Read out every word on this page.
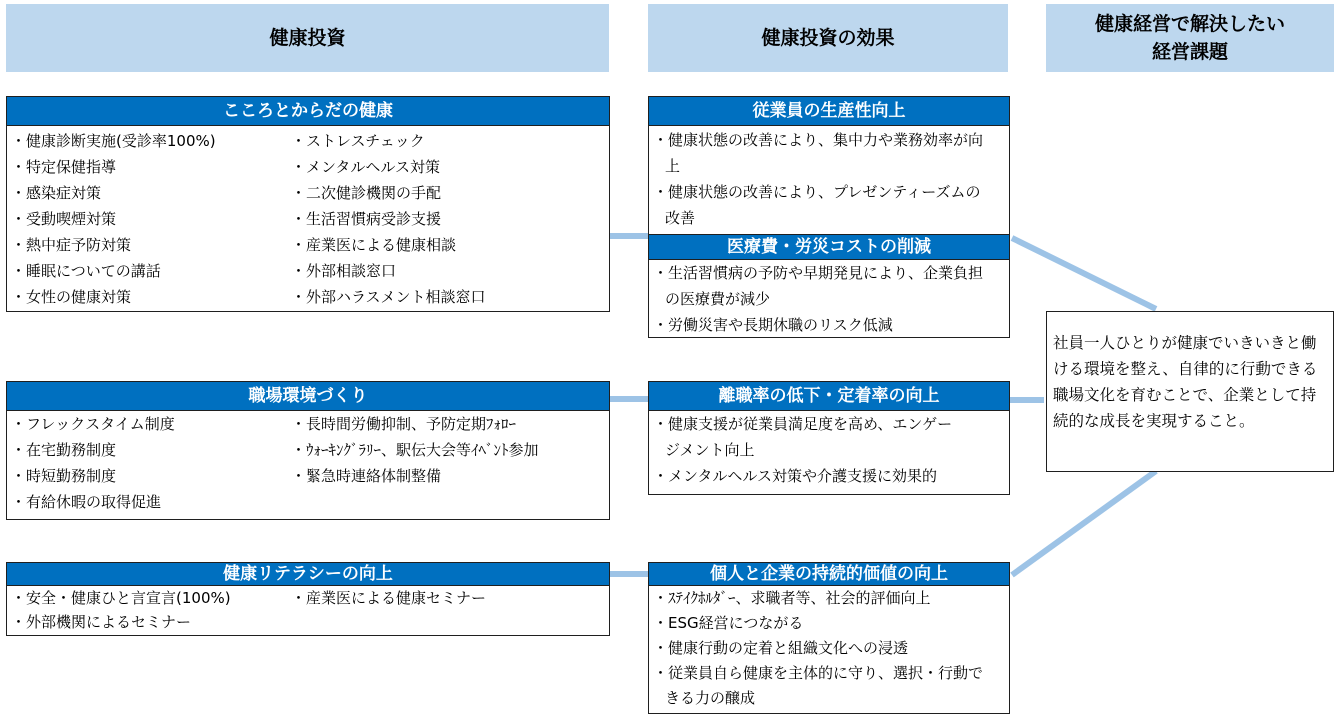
健康投資	健康投資の効果
健康経営で解決したい
経営課題
こころとからだの健康
・健康診断実施(受診率100%)
・特定保健指導
・感染症対策
・受動喫煙対策
・熱中症予防対策
・睡眠についての講話
・女性の健康対策
・ストレスチェック
・メンタルヘルス対策
・二次健診機関の手配
・生活習慣病受診支援
・産業医による健康相談
・外部相談窓口
・外部ハラスメント相談窓口
職場環境づくり
・フレックスタイム制度
・在宅勤務制度
・時短勤務制度
・有給休暇の取得促進
・長時間労働抑制、予防定期ﾌｫﾛｰ
・ｳｫｰｷﾝｸﾞﾗﾘｰ、駅伝大会等ｲﾍﾞﾝﾄ参加
・緊急時連絡体制整備
健康リテラシーの向上
・安全・健康ひと言宣言(100%)
・外部機関によるセミナー
・産業医による健康セミナー
従業員の生産性向上
・健康状態の改善により、集中力や業務効率が向上
・健康状態の改善により、プレゼンティーズムの改善
医療費・労災コストの削減
・生活習慣病の予防や早期発見により、企業負担の医療費が減少
・労働災害や長期休職のリスク低減
離職率の低下・定着率の向上
・健康支援が従業員満足度を高め、エンゲージメント向上
・メンタルヘルス対策や介護支援に効果的
個人と企業の持続的価値の向上
・ｽﾃｲｸﾎﾙﾀﾞｰ、求職者等、社会的評価向上
・ESG経営につながる
・健康行動の定着と組織文化への浸透
・従業員自ら健康を主体的に守り、選択・行動できる力の醸成
社員一人ひとりが健康でいきいきと働ける環境を整え、自律的に行動できる職場文化を育むことで、企業として持続的な成長を実現すること。
